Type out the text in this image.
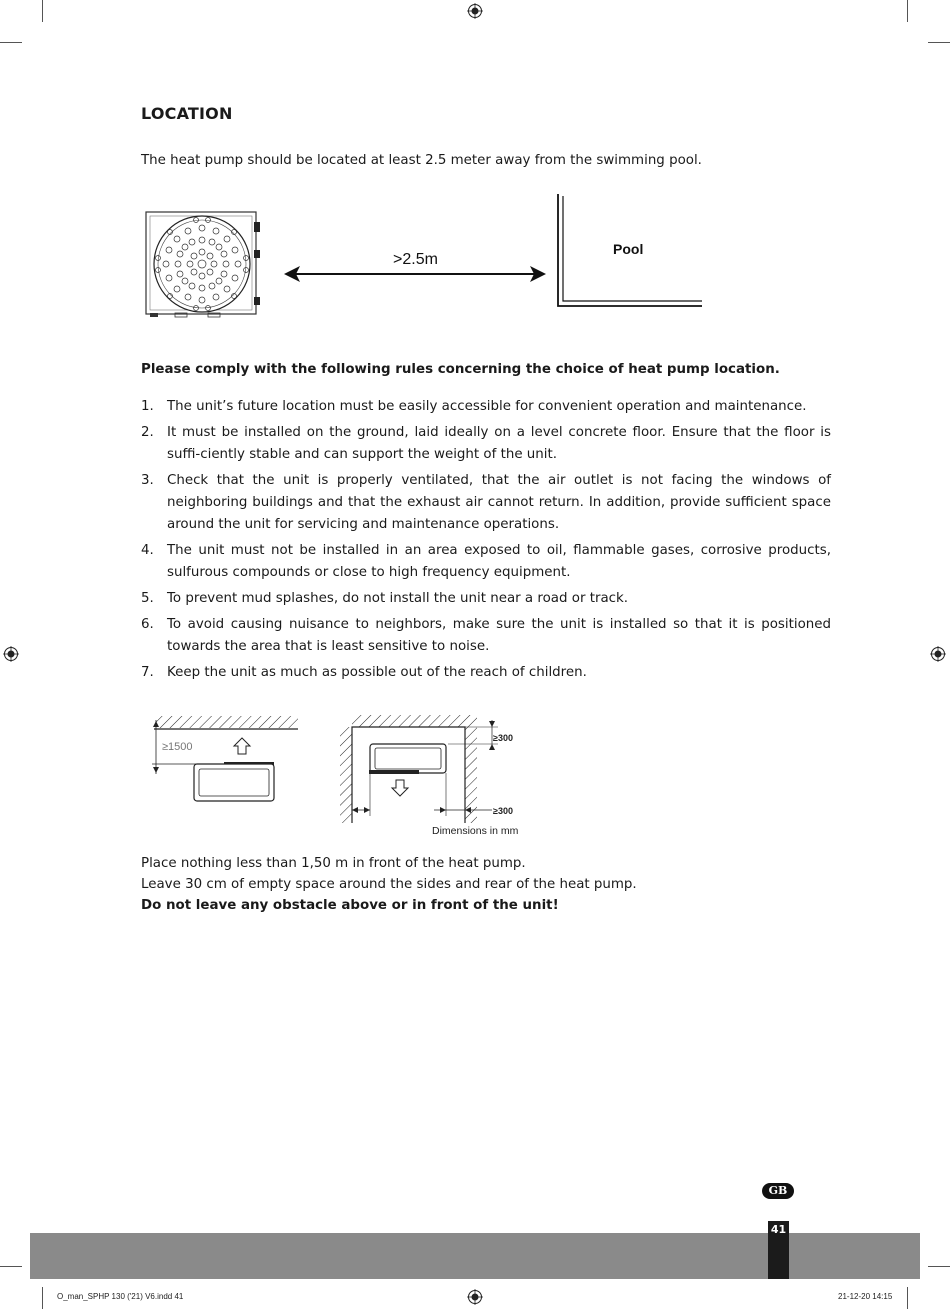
LOCATION

The heat pump should be located at least 2.5 meter away from the swimming pool.

>2.5m
Pool

Please comply with the following rules concerning the choice of heat pump location.

1. The unit’s future location must be easily accessible for convenient operation and maintenance.
2. It must be installed on the ground, laid ideally on a level concrete floor. Ensure that the floor is suffi-ciently stable and can support the weight of the unit.
3. Check that the unit is properly ventilated, that the air outlet is not facing the windows of neighboring buildings and that the exhaust air cannot return. In addition, provide sufficient space around the unit for servicing and maintenance operations.
4. The unit must not be installed in an area exposed to oil, flammable gases, corrosive products, sulfurous compounds or close to high frequency equipment.
5. To prevent mud splashes, do not install the unit near a road or track.
6. To avoid causing nuisance to neighbors, make sure the unit is installed so that it is positioned towards the area that is least sensitive to noise.
7. Keep the unit as much as possible out of the reach of children.
≥1500
≥300
≥300
Dimensions in mm

Place nothing less than 1,50 m in front of the heat pump.

Leave 30 cm of empty space around the sides and rear of the heat pump.

Do not leave any obstacle above or in front of the unit!

GB
41
O_man_SPHP 130 ('21) V6.indd 41	21-12-20 14:15
